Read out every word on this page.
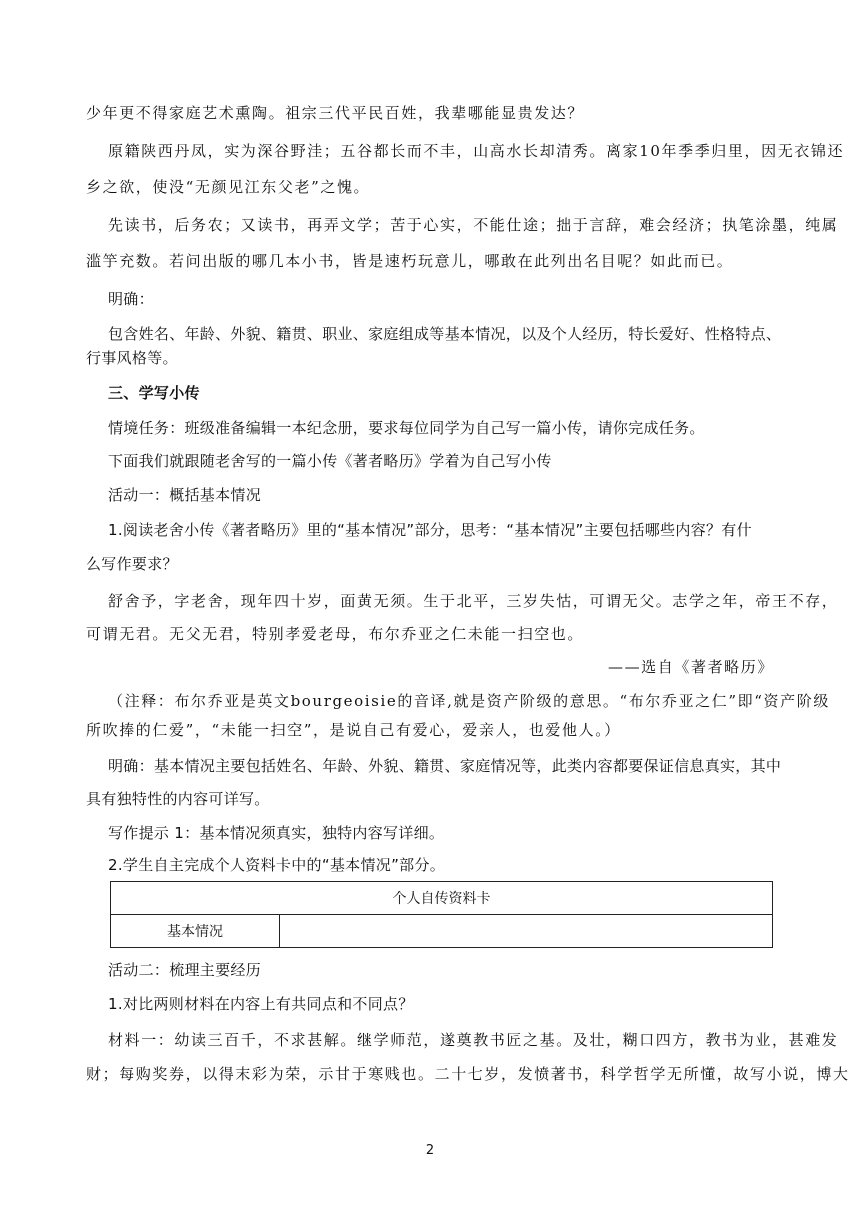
少年更不得家庭艺术熏陶。祖宗三代平民百姓，我辈哪能显贵发达？
原籍陕西丹凤，实为深谷野洼；五谷都长而不丰，山高水长却清秀。离家10年季季归里，因无衣锦还
乡之欲，使没“无颜见江东父老”之愧。
先读书，后务农；又读书，再弄文学；苦于心实，不能仕途；拙于言辞，难会经济；执笔涂墨，纯属
滥竽充数。若问出版的哪几本小书，皆是速朽玩意儿，哪敢在此列出名目呢？如此而已。
明确：
包含姓名、年龄、外貌、籍贯、职业、家庭组成等基本情况，以及个人经历，特长爱好、性格特点、
行事风格等。
三、学写小传
情境任务：班级准备编辑一本纪念册，要求每位同学为自己写一篇小传，请你完成任务。
下面我们就跟随老舍写的一篇小传《著者略历》学着为自己写小传
活动一：概括基本情况
1.阅读老舍小传《著者略历》里的“基本情况”部分，思考：“基本情况”主要包括哪些内容？有什
么写作要求？
舒舍予，字老舍，现年四十岁，面黄无须。生于北平，三岁失怙，可谓无父。志学之年，帝王不存，
可谓无君。无父无君，特别孝爱老母，布尔乔亚之仁未能一扫空也。
——选自《著者略历》
（注释：布尔乔亚是英文bourgeoisie的音译,就是资产阶级的意思。“布尔乔亚之仁”即“资产阶级
所吹捧的仁爱”，“未能一扫空”，是说自己有爱心，爱亲人，也爱他人。）
明确：基本情况主要包括姓名、年龄、外貌、籍贯、家庭情况等，此类内容都要保证信息真实，其中
具有独特性的内容可详写。
写作提示 1：基本情况须真实，独特内容写详细。
2.学生自主完成个人资料卡中的“基本情况”部分。
个人自传资料卡
基本情况	
活动二：梳理主要经历
1.对比两则材料在内容上有共同点和不同点？
材料一：幼读三百千，不求甚解。继学师范，遂奠教书匠之基。及壮，糊口四方，教书为业，甚难发
财；每购奖券，以得末彩为荣，示甘于寒贱也。二十七岁，发愤著书，科学哲学无所懂，故写小说，博大
2
